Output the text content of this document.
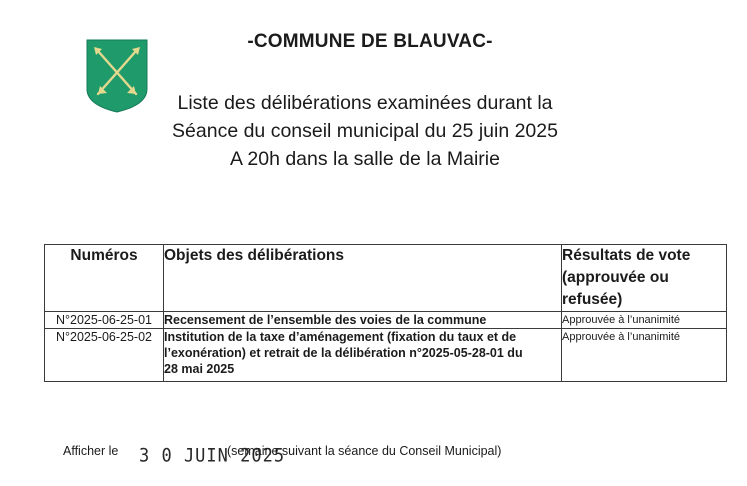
-COMMUNE DE BLAUVAC-
Liste des délibérations examinées durant la
Séance du conseil municipal du 25 juin 2025
A 20h dans la salle de la Mairie
Numéros	Objets des délibérations	Résultats de vote
(approuvée ou
refusée)

N°2025-06-25-01	Recensement de l’ensemble des voies de la commune	Approuvée à l’unanimité
N°2025-06-25-02	Institution de la taxe d’aménagement (fixation du taux et de
l’exonération) et retrait de la délibération n°2025-05-28-01 du
28 mai 2025	Approuvée à l’unanimité
Afficher le 3 0 JUIN 2025
(semaine suivant la séance du Conseil Municipal)
